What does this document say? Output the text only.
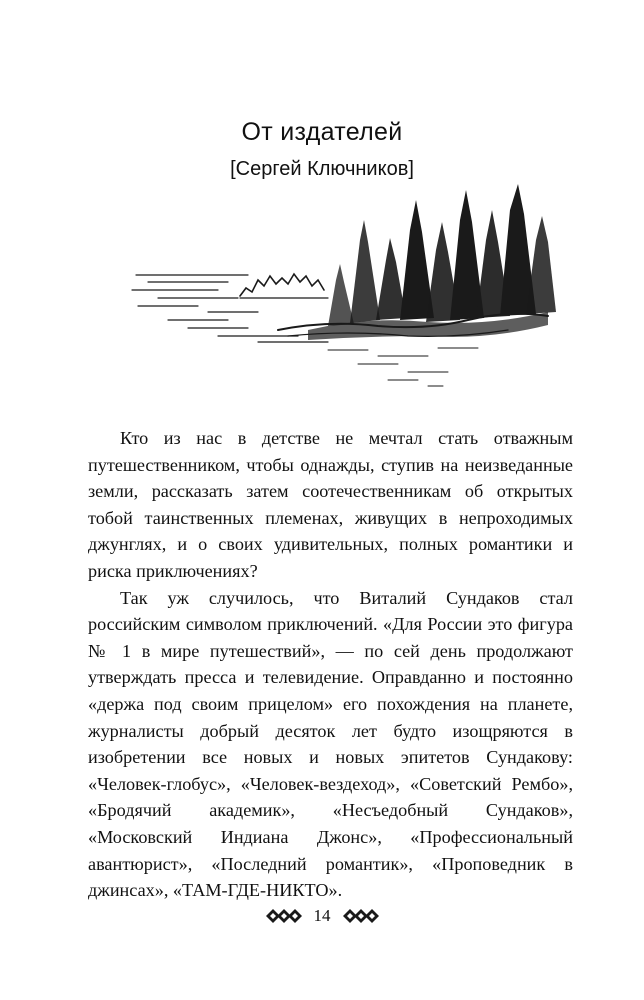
От издателей
[Сергей Ключников]

Кто из нас в детстве не мечтал стать отважным путешественником, чтобы однажды, ступив на неизведанные земли, рассказать затем соотечественникам об открытых тобой таинственных племенах, живущих в непроходимых джунглях, и о своих удивительных, полных романтики и риска приключениях?

Так уж случилось, что Виталий Сундаков стал российским символом приключений. «Для России это фигура № 1 в мире путешествий», — по сей день продолжают утверждать пресса и телевидение. Оправданно и постоянно «держа под своим прицелом» его похождения на планете, журналисты добрый десяток лет будто изощряются в изобретении все новых и новых эпитетов Сундакову: «Человек-глобус», «Человек-вездеход», «Советский Рембо», «Бродячий академик», «Несъедобный Сундаков», «Московский Индиана Джонс», «Профессиональный авантюрист», «Последний романтик», «Проповедник в джинсах», «ТАМ-ГДЕ-НИКТО».

14
